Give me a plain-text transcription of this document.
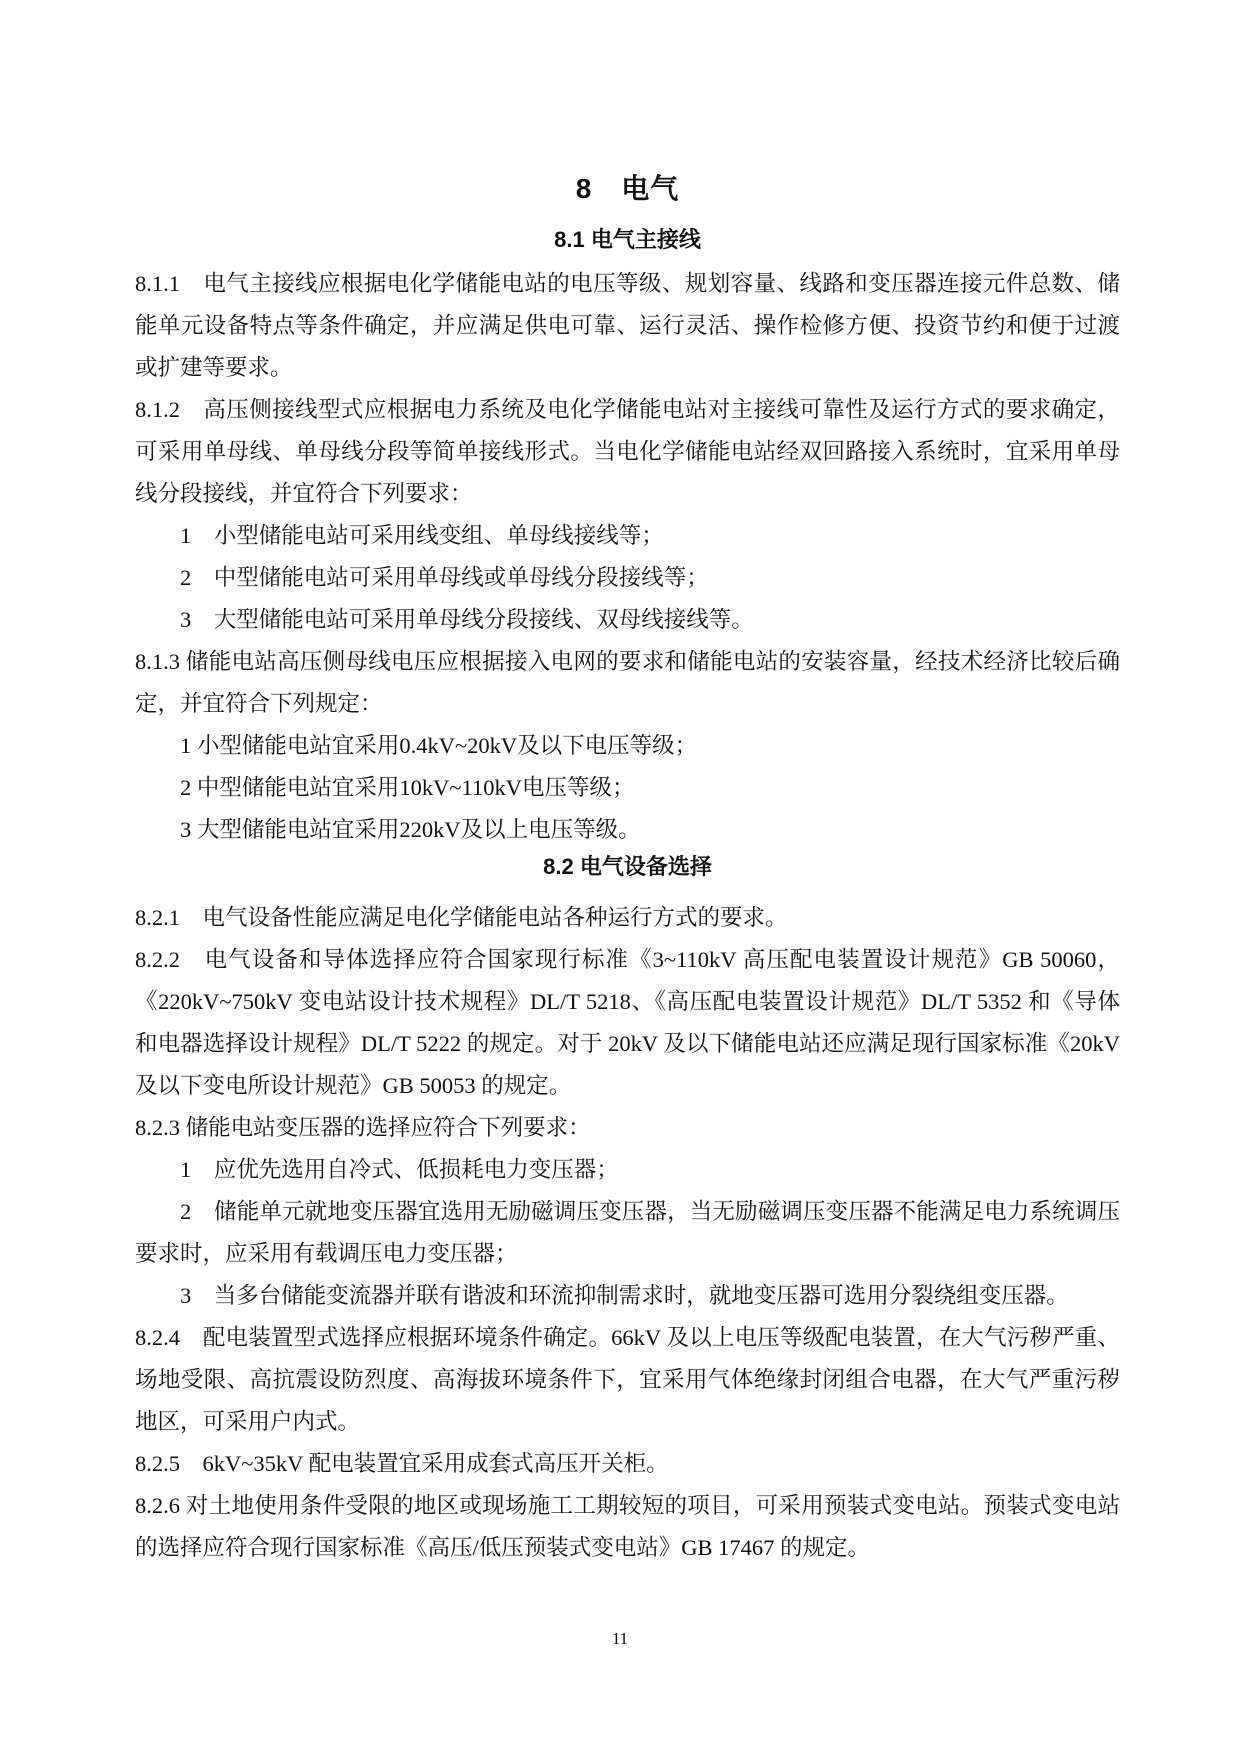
8　电气
8.1 电气主接线

8.1.1　电气主接线应根据电化学储能电站的电压等级、规划容量、线路和变压器连接元件总数、储能单元设备特点等条件确定，并应满足供电可靠、运行灵活、操作检修方便、投资节约和便于过渡或扩建等要求。

8.1.2　高压侧接线型式应根据电力系统及电化学储能电站对主接线可靠性及运行方式的要求确定，可采用单母线、单母线分段等简单接线形式。当电化学储能电站经双回路接入系统时，宜采用单母线分段接线，并宜符合下列要求：

1　小型储能电站可采用线变组、单母线接线等；

2　中型储能电站可采用单母线或单母线分段接线等；

3　大型储能电站可采用单母线分段接线、双母线接线等。

8.1.3 储能电站高压侧母线电压应根据接入电网的要求和储能电站的安装容量，经技术经济比较后确定，并宜符合下列规定：

1 小型储能电站宜采用0.4kV~20kV及以下电压等级；

2 中型储能电站宜采用10kV~110kV电压等级；

3 大型储能电站宜采用220kV及以上电压等级。

8.2 电气设备选择

8.2.1　电气设备性能应满足电化学储能电站各种运行方式的要求。

8.2.2　电气设备和导体选择应符合国家现行标准《3~110kV 高压配电装置设计规范》GB 50060，《220kV~750kV 变电站设计技术规程》DL/T 5218、《高压配电装置设计规范》DL/T 5352 和《导体和电器选择设计规程》DL/T 5222 的规定。对于 20kV 及以下储能电站还应满足现行国家标准《20kV 及以下变电所设计规范》GB 50053 的规定。

8.2.3 储能电站变压器的选择应符合下列要求：

1　应优先选用自冷式、低损耗电力变压器；

2　储能单元就地变压器宜选用无励磁调压变压器，当无励磁调压变压器不能满足电力系统调压要求时，应采用有载调压电力变压器；

3　当多台储能变流器并联有谐波和环流抑制需求时，就地变压器可选用分裂绕组变压器。

8.2.4　配电装置型式选择应根据环境条件确定。66kV 及以上电压等级配电装置，在大气污秽严重、场地受限、高抗震设防烈度、高海拔环境条件下，宜采用气体绝缘封闭组合电器，在大气严重污秽地区，可采用户内式。

8.2.5　6kV~35kV 配电装置宜采用成套式高压开关柜。

8.2.6 对土地使用条件受限的地区或现场施工工期较短的项目，可采用预装式变电站。预装式变电站的选择应符合现行国家标准《高压/低压预装式变电站》GB 17467 的规定。

11
